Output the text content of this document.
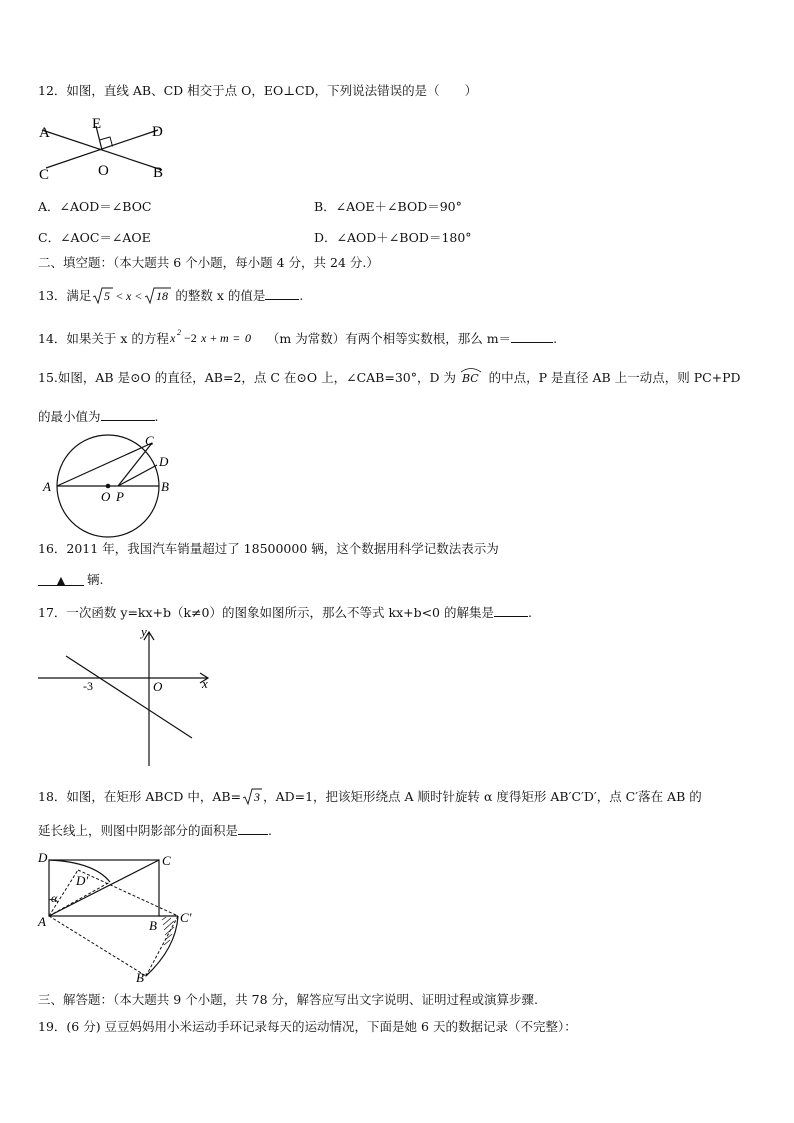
12．如图，直线 AB、CD 相交于点 O，EO⊥CD，下列说法错误的是（　　）
A	D
C	B
E
O
A．∠AOD＝∠BOC	B．∠AOE＋∠BOD＝90°
C．∠AOC＝∠AOE	D．∠AOD＋∠BOD＝180°
二、填空题：（本大题共 6 个小题，每小题 4 分，共 24 分.）
13．满足 5 < x < 18 的整数 x 的值是	.
14．如果关于 x 的方程 x 2 −2 x + m = 0 （m 为常数）有两个相等实数根，那么 m＝	.
15.如图，AB 是⊙O 的直径，AB=2，点 C 在⊙O 上，∠CAB=30°，D 为 BC 的中点，P 是直径 AB 上一动点，则 PC+PD
的最小值为	.
A	B
C
D
O P
16．2011 年，我国汽车销量超过了 18500000 辆，这个数据用科学记数法表示为
▲ 辆.
17．一次函数 y=kx+b（k≠0）的图象如图所示，那么不等式 kx+b<0 的解集是	.
y
x
O
-3
18．如图，在矩形 ABCD 中，AB= 3 ，AD=1，把该矩形绕点 A 顺时针旋转 α 度得矩形 AB′C′D′，点 C′落在 AB 的
延长线上，则图中阴影部分的面积是 .
D	C
D′
α
A	B
C′
B′
三、解答题：（本大题共 9 个小题，共 78 分，解答应写出文字说明、证明过程或演算步骤.
19．(6 分) 豆豆妈妈用小米运动手环记录每天的运动情况，下面是她 6 天的数据记录（不完整）：
